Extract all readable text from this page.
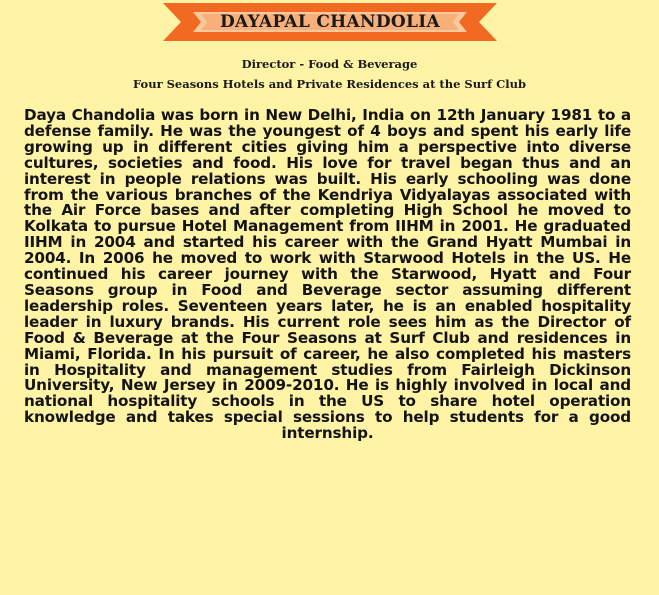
DAYAPAL CHANDOLIA
Director - Food & Beverage
Four Seasons Hotels and Private Residences at the Surf Club

Daya Chandolia was born in New Delhi, India on 12th January 1981 to a defense family. He was the youngest of 4 boys and spent his early life growing up in different cities giving him a perspective into diverse cultures, societies and food. His love for travel began thus and an interest in people relations was built. His early schooling was done from the various branches of the Kendriya Vidyalayas associated with the Air Force bases and after completing High School he moved to Kolkata to pursue Hotel Management from IIHM in 2001. He graduated IIHM in 2004 and started his career with the Grand Hyatt Mumbai in 2004. In 2006 he moved to work with Starwood Hotels in the US. He continued his career journey with the Starwood, Hyatt and Four Seasons group in Food and Beverage sector assuming different leadership roles. Seventeen years later, he is an enabled hospitality leader in luxury brands. His current role sees him as the Director of Food & Beverage at the Four Seasons at Surf Club and residences in Miami, Florida. In his pursuit of career, he also completed his masters in Hospitality and management studies from Fairleigh Dickinson University, New Jersey in 2009-2010. He is highly involved in local and national hospitality schools in the US to share hotel operation knowledge and takes special sessions to help students for a good internship.
